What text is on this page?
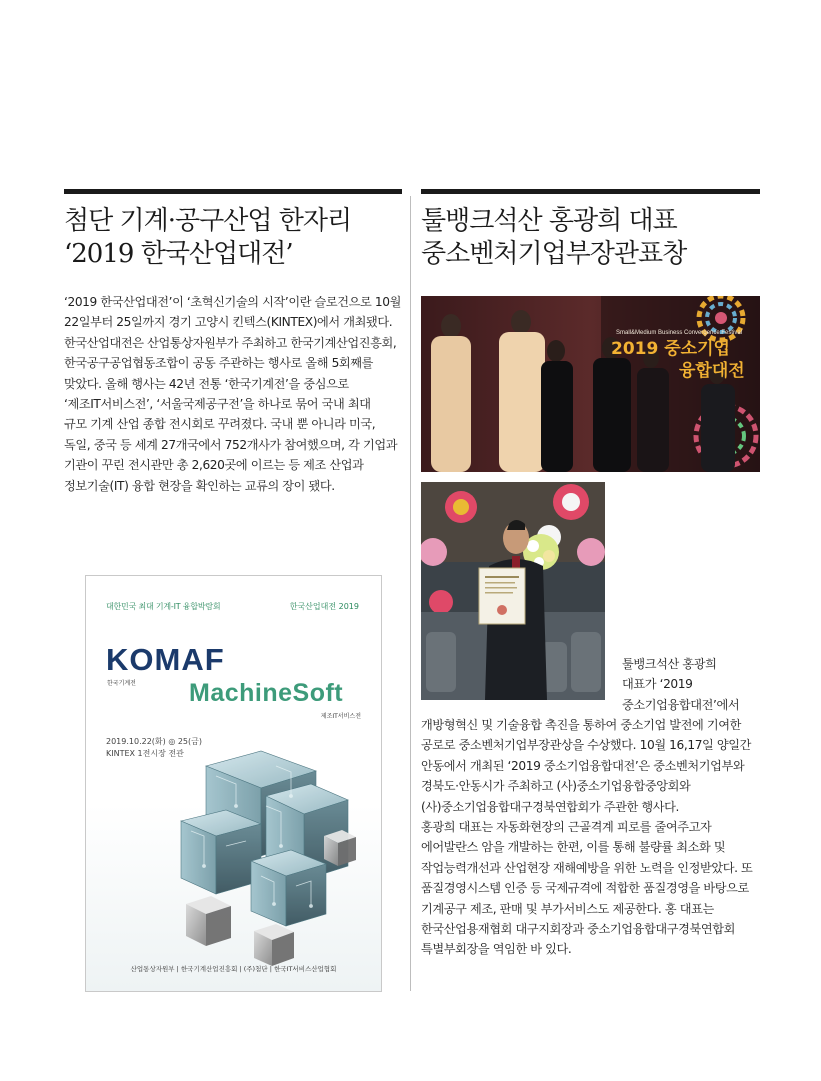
첨단 기계·공구산업 한자리
‘2019 한국산업대전’
‘2019 한국산업대전’이 ‘초혁신기술의 시작’이란 슬로건으로 10월
22일부터 25일까지 경기 고양시 킨텍스(KINTEX)에서 개최됐다.
한국산업대전은 산업통상자원부가 주최하고 한국기계산업진흥회,
한국공구공업협동조합이 공동 주관하는 행사로 올해 5회째를
맞았다. 올해 행사는 42년 전통 ‘한국기계전’을 중심으로
‘제조IT서비스전’, ‘서울국제공구전’을 하나로 묶어 국내 최대
규모 기계 산업 종합 전시회로 꾸려졌다. 국내 뿐 아니라 미국,
독일, 중국 등 세계 27개국에서 752개사가 참여했으며, 각 기업과
기관이 꾸린 전시관만 총 2,620곳에 이르는 등 제조 산업과
정보기술(IT) 융합 현장을 확인하는 교류의 장이 됐다.
대한민국 최대 기계-IT 융합박람회	한국산업대전 2019
KOMAF
한국기계전 MachineSoft
제조IT서비스전
2019.10.22(화) ◎ 25(금)
KINTEX 1전시장 전관
산업통상자원부 | 한국기계산업진흥회 | (주)첨단 | 한국IT서비스산업협회
툴뱅크석산 홍광희 대표
중소벤처기업부장관표창
Small&Medium Business Convergence Festival
2019 중소기업
융합대전
툴뱅크석산 홍광희
대표가 ‘2019
중소기업융합대전’에서
개방형혁신 및 기술융합 촉진을 통하여 중소기업 발전에 기여한
공로로 중소벤처기업부장관상을 수상했다. 10월 16,17일 양일간
안동에서 개최된 ‘2019 중소기업융합대전’은 중소벤처기업부와
경북도·안동시가 주최하고 (사)중소기업융합중앙회와
(사)중소기업융합대구경북연합회가 주관한 행사다.
홍광희 대표는 자동화현장의 근골격계 피로를 줄여주고자
에어발란스 암을 개발하는 한편, 이를 통해 불량률 최소화 및
작업능력개선과 산업현장 재해예방을 위한 노력을 인정받았다. 또
품질경영시스템 인증 등 국제규격에 적합한 품질경영을 바탕으로
기계공구 제조, 판매 및 부가서비스도 제공한다. 홍 대표는
한국산업용재협회 대구지회장과 중소기업융합대구경북연합회
특별부회장을 역임한 바 있다.
